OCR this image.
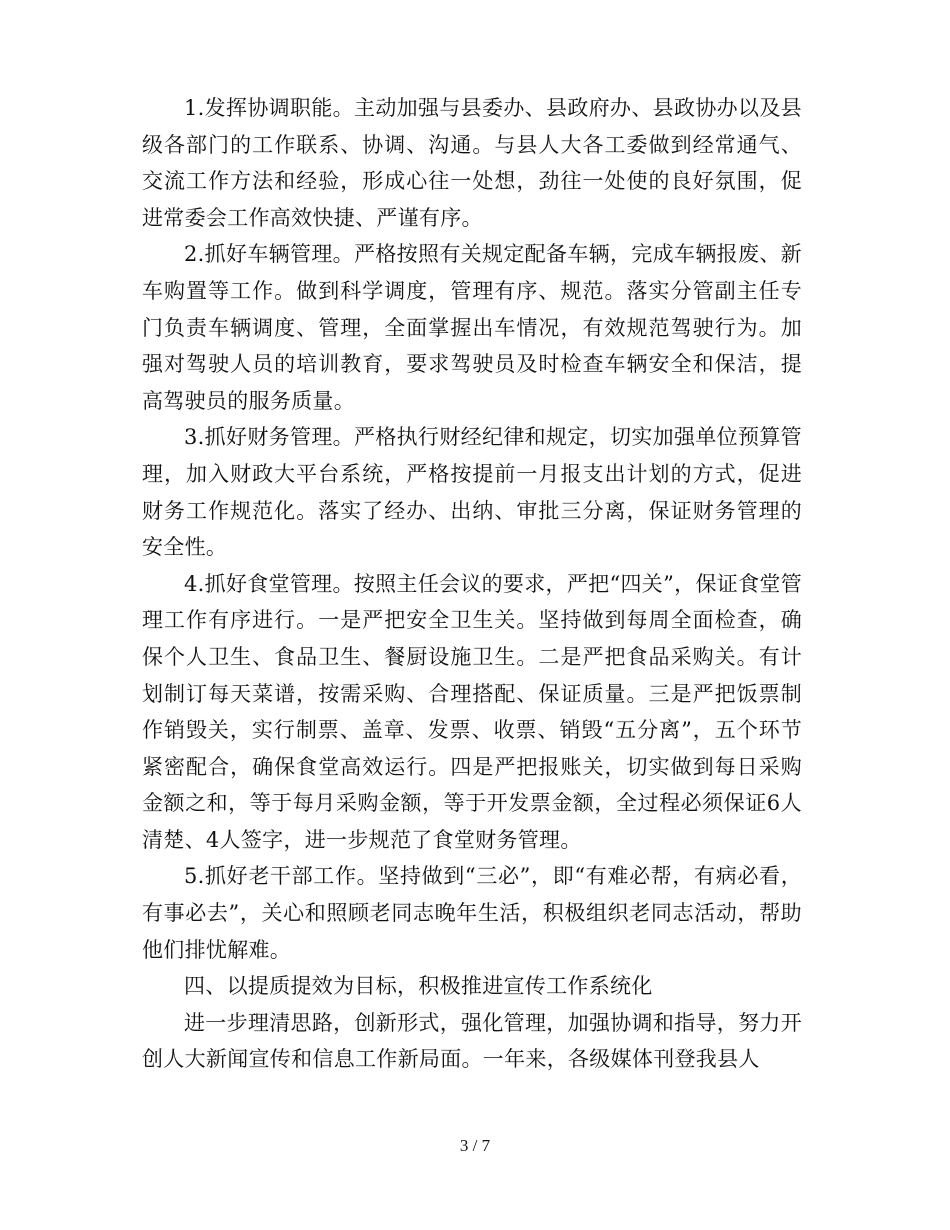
1.发挥协调职能。主动加强与县委办、县政府办、县政协办以及县级各部门的工作联系、协调、沟通。与县人大各工委做到经常通气、交流工作方法和经验，形成心往一处想，劲往一处使的良好氛围，促进常委会工作高效快捷、严谨有序。

2.抓好车辆管理。严格按照有关规定配备车辆，完成车辆报废、新车购置等工作。做到科学调度，管理有序、规范。落实分管副主任专门负责车辆调度、管理，全面掌握出车情况，有效规范驾驶行为。加强对驾驶人员的培训教育，要求驾驶员及时检查车辆安全和保洁，提高驾驶员的服务质量。

3.抓好财务管理。严格执行财经纪律和规定，切实加强单位预算管理，加入财政大平台系统，严格按提前一月报支出计划的方式，促进财务工作规范化。落实了经办、出纳、审批三分离，保证财务管理的安全性。

4.抓好食堂管理。按照主任会议的要求，严把“四关”，保证食堂管理工作有序进行。一是严把安全卫生关。坚持做到每周全面检查，确保个人卫生、食品卫生、餐厨设施卫生。二是严把食品采购关。有计划制订每天菜谱，按需采购、合理搭配、保证质量。三是严把饭票制作销毁关，实行制票、盖章、发票、收票、销毁“五分离”，五个环节紧密配合，确保食堂高效运行。四是严把报账关，切实做到每日采购金额之和，等于每月采购金额，等于开发票金额，全过程必须保证6人清楚、4人签字，进一步规范了食堂财务管理。

5.抓好老干部工作。坚持做到“三必”，即“有难必帮，有病必看，有事必去”，关心和照顾老同志晚年生活，积极组织老同志活动，帮助他们排忧解难。

四、以提质提效为目标，积极推进宣传工作系统化

进一步理清思路，创新形式，强化管理，加强协调和指导，努力开创人大新闻宣传和信息工作新局面。一年来，各级媒体刊登我县人

3 / 7
